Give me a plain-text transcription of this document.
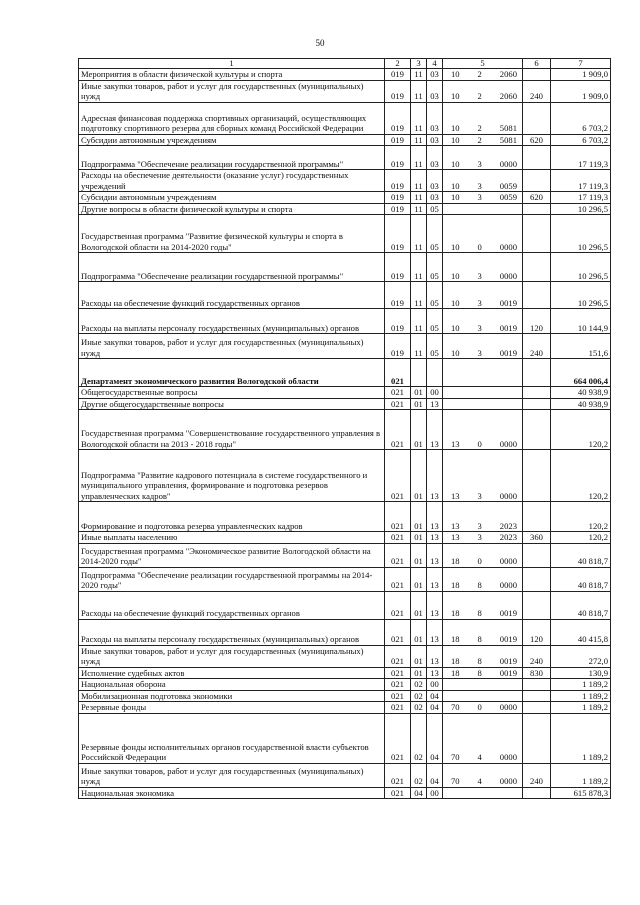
50
1	2	3	4	5	6	7
Мероприятия в области физической культуры и спорта	019	11	03	10 2 2060		1 909,0
Иные закупки товаров, работ и услуг для государственных (муниципальных) нужд	019	11	03	10 2 2060	240	1 909,0
Адресная финансовая поддержка спортивных организаций, осуществляющих подготовку спортивного резерва для сборных команд Российской Федерации	019	11	03	10 2 5081		6 703,2
Субсидии автономным учреждениям	019	11	03	10 2 5081	620	6 703,2
Подпрограмма "Обеспечение реализации государственной программы"	019	11	03	10 3 0000		17 119,3
Расходы на обеспечение деятельности (оказание услуг) государственных учреждений	019	11	03	10 3 0059		17 119,3
Субсидии автономным учреждениям	019	11	03	10 3 0059	620	17 119,3
Другие вопросы в области физической культуры и спорта	019	11	05			10 296,5
Государственная программа "Развитие физической культуры и спорта в Вологодской области на 2014-2020 годы"	019	11	05	10 0 0000		10 296,5
Подпрограмма "Обеспечение реализации государственной программы"	019	11	05	10 3 0000		10 296,5
Расходы на обеспечение функций государственных органов	019	11	05	10 3 0019		10 296,5
Расходы на выплаты персоналу государственных (муниципальных) органов	019	11	05	10 3 0019	120	10 144,9
Иные закупки товаров, работ и услуг для государственных (муниципальных) нужд	019	11	05	10 3 0019	240	151,6
Департамент экономического развития Вологодской области	021					664 006,4
Общегосударственные вопросы	021	01	00			40 938,9
Другие общегосударственные вопросы	021	01	13			40 938,9
Государственная программа "Совершенствование государственного управления в Вологодской области на 2013 - 2018 годы"	021	01	13	13 0 0000		120,2
Подпрограмма "Развитие кадрового потенциала в системе государственного и муниципального управления, формирование и подготовка резервов управленческих кадров"	021	01	13	13 3 0000		120,2
Формирование и подготовка резерва управленческих кадров	021	01	13	13 3 2023		120,2
Иные выплаты населению	021	01	13	13 3 2023	360	120,2
Государственная программа "Экономическое развитие Вологодской области на 2014-2020 годы"	021	01	13	18 0 0000		40 818,7
Подпрограмма "Обеспечение реализации государственной программы на 2014-2020 годы"	021	01	13	18 8 0000		40 818,7
Расходы на обеспечение функций государственных органов	021	01	13	18 8 0019		40 818,7
Расходы на выплаты персоналу государственных (муниципальных) органов	021	01	13	18 8 0019	120	40 415,8
Иные закупки товаров, работ и услуг для государственных (муниципальных) нужд	021	01	13	18 8 0019	240	272,0
Исполнение судебных актов	021	01	13	18 8 0019	830	130,9
Национальная оборона	021	02	00			1 189,2
Мобилизационная подготовка экономики	021	02	04			1 189,2
Резервные фонды	021	02	04	70 0 0000		1 189,2
Резервные фонды исполнительных органов государственной власти субъектов Российской Федерации	021	02	04	70 4 0000		1 189,2
Иные закупки товаров, работ и услуг для государственных (муниципальных) нужд	021	02	04	70 4 0000	240	1 189,2
Национальная экономика	021	04	00			615 878,3
